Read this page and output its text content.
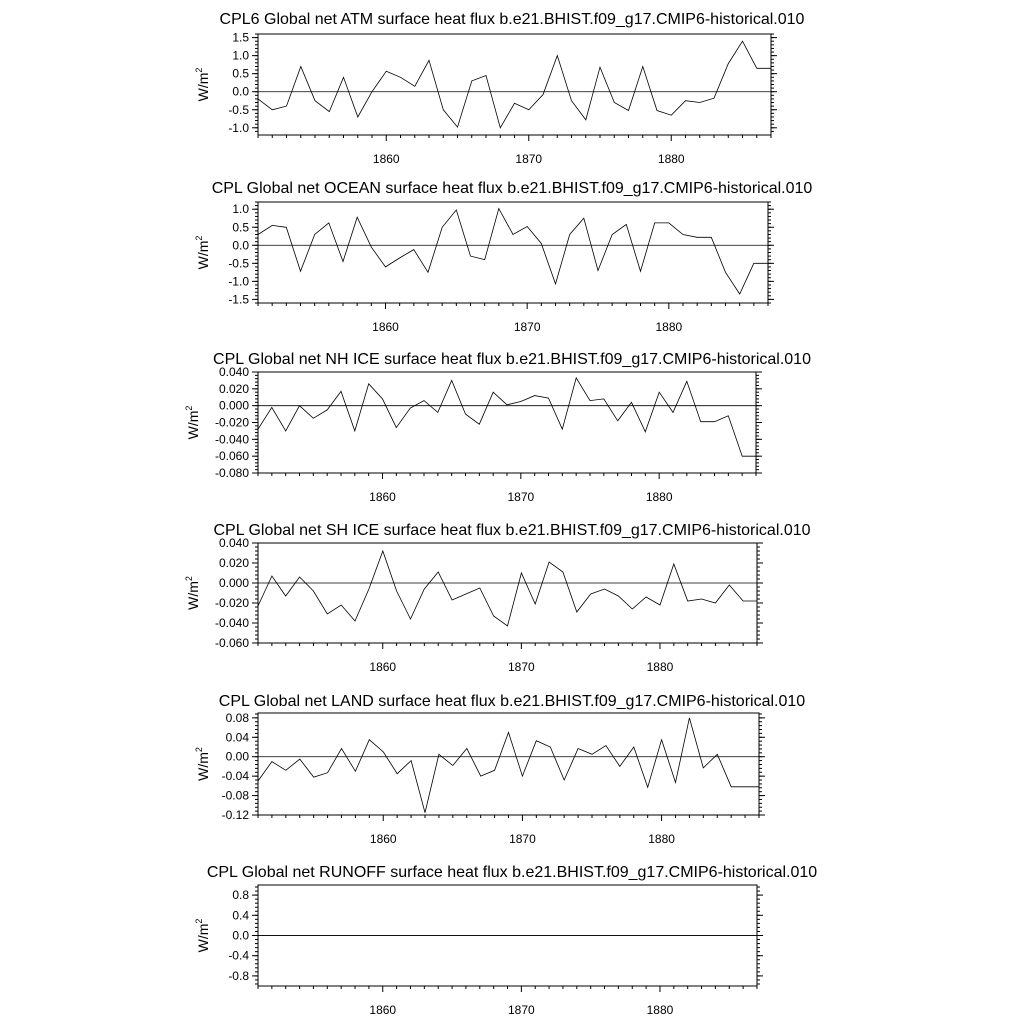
CPL6 Global net ATM surface heat flux b.e21.BHIST.f09_g17.CMIP6-historical.010
-1.0
-0.5
0.0
0.5
1.0
1.5
1860	1870	1880
$W/m^2$
CPL Global net OCEAN surface heat flux b.e21.BHIST.f09_g17.CMIP6-historical.010
-1.5
-1.0
-0.5
0.0
0.5
1.0
1860	1870	1880
$W/m^2$
CPL Global net NH ICE surface heat flux b.e21.BHIST.f09_g17.CMIP6-historical.010
-0.080
-0.060
-0.040
-0.020
0.000
0.020
0.040
1860	1870	1880
$W/m^2$
CPL Global net SH ICE surface heat flux b.e21.BHIST.f09_g17.CMIP6-historical.010
-0.060
-0.040
-0.020
0.000
0.020
0.040
1860	1870	1880
$W/m^2$
CPL Global net LAND surface heat flux b.e21.BHIST.f09_g17.CMIP6-historical.010
-0.12
-0.08
-0.04
0.00
0.04
0.08
1860	1870	1880
$W/m^2$
CPL Global net RUNOFF surface heat flux b.e21.BHIST.f09_g17.CMIP6-historical.010
-0.8
-0.4
0.0
0.4
0.8
1860	1870	1880
$W/m^2$
